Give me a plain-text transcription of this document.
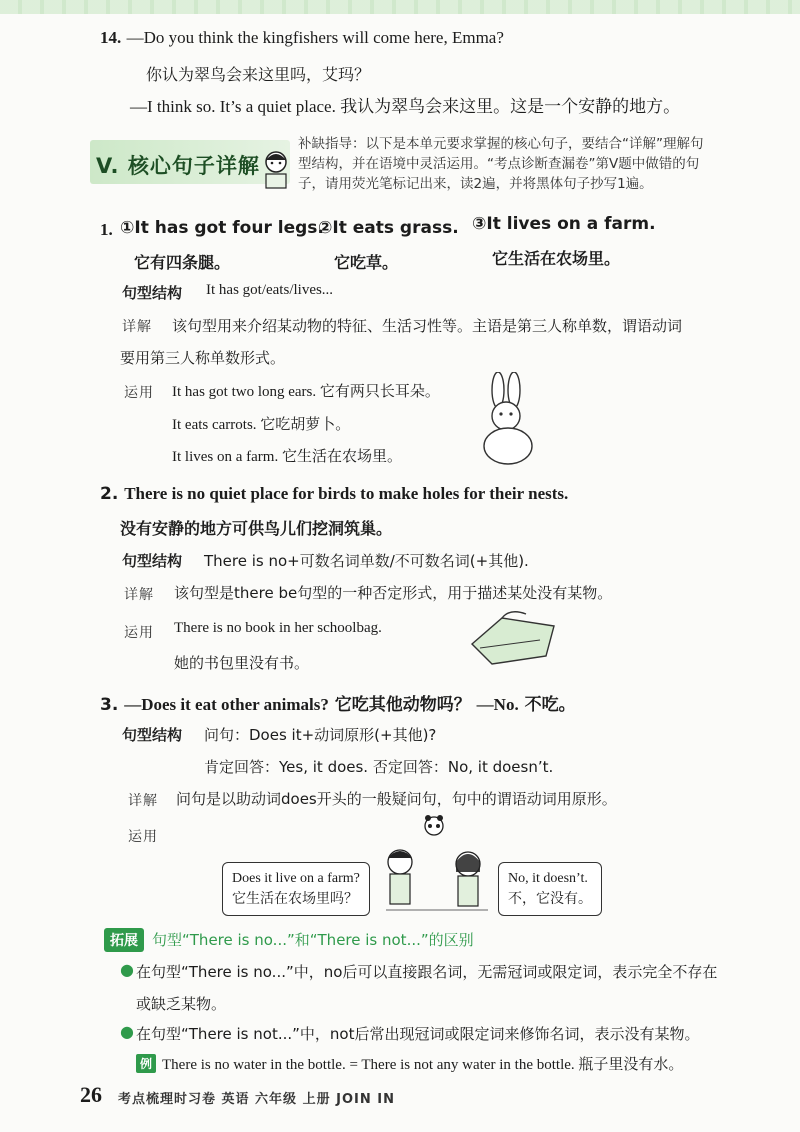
14. —Do you think the kingfishers will come here, Emma?
你认为翠鸟会来这里吗，艾玛？
—I think so. It’s a quiet place. 我认为翠鸟会来这里。这是一个安静的地方。
V. 核心句子详解
补缺指导：以下是本单元要求掌握的核心句子，要结合“详解”理解句
型结构，并在语境中灵活运用。“考点诊断查漏卷”第V题中做错的句
子，请用荧光笔标记出来，读2遍，并将黑体句子抄写1遍。
1. ①It has got four legs.
②It eats grass. ③It lives on a farm.
它有四条腿。	它吃草。	它生活在农场里。
句型结构 It has got/eats/lives...
详解 该句型用来介绍某动物的特征、生活习性等。主语是第三人称单数，谓语动词
要用第三人称单数形式。
运用 It has got two long ears. 它有两只长耳朵。
It eats carrots. 它吃胡萝卜。
It lives on a farm. 它生活在农场里。
2. There is no quiet place for birds to make holes for their nests.
没有安静的地方可供鸟儿们挖洞筑巢。
句型结构 There is no+可数名词单数/不可数名词(+其他).
详解 该句型是there be句型的一种否定形式，用于描述某处没有某物。
运用 There is no book in her schoolbag.
她的书包里没有书。
3. —Does it eat other animals? 它吃其他动物吗？ —No. 不吃。
句型结构 问句：Does it+动词原形(+其他)?
肯定回答：Yes, it does. 否定回答：No, it doesn’t.
详解 问句是以助动词does开头的一般疑问句，句中的谓语动词用原形。
运用
Does it live on a farm?
它生活在农场里吗？
No, it doesn’t.
不，它没有。
拓展 句型“There is no...”和“There is not...”的区别
● 在句型“There is no...”中，no后可以直接跟名词，无需冠词或限定词，表示完全不存在
或缺乏某物。
● 在句型“There is not...”中，not后常出现冠词或限定词来修饰名词，表示没有某物。
例 There is no water in the bottle. = There is not any water in the bottle. 瓶子里没有水。
26 考点梳理时习卷 英语 六年级 上册 JOIN IN
